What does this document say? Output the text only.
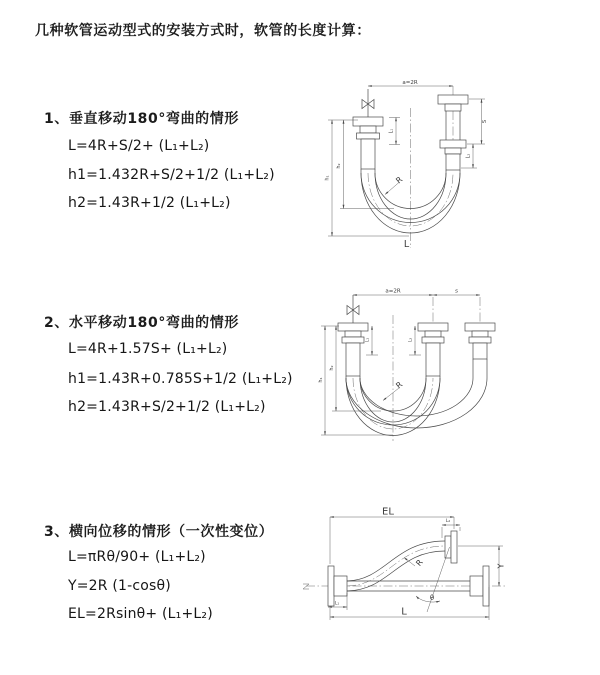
几种软管运动型式的安装方式时，软管的长度计算：
1、垂直移动180°弯曲的情形
L=4R+S/2+ (L₁+L₂)
h1=1.432R+S/2+1/2 (L₁+L₂)
h2=1.43R+1/2 (L₁+L₂)
2、水平移动180°弯曲的情形
L=4R+1.57S+ (L₁+L₂)
h1=1.43R+0.785S+1/2 (L₁+L₂)
h2=1.43R+S/2+1/2 (L₁+L₂)
3、横向位移的情形（一次性变位）
L=πRθ/90+ (L₁+L₂)
Y=2R (1-cosθ)
EL=2Rsinθ+ (L₁+L₂)
a=2R
h₁
h₂
L₁
S
L₂
R
L
a=2R	s
h₁
h₂
L₁	L₂
R
EL
L₂
Y
L
L₁
R
θ
